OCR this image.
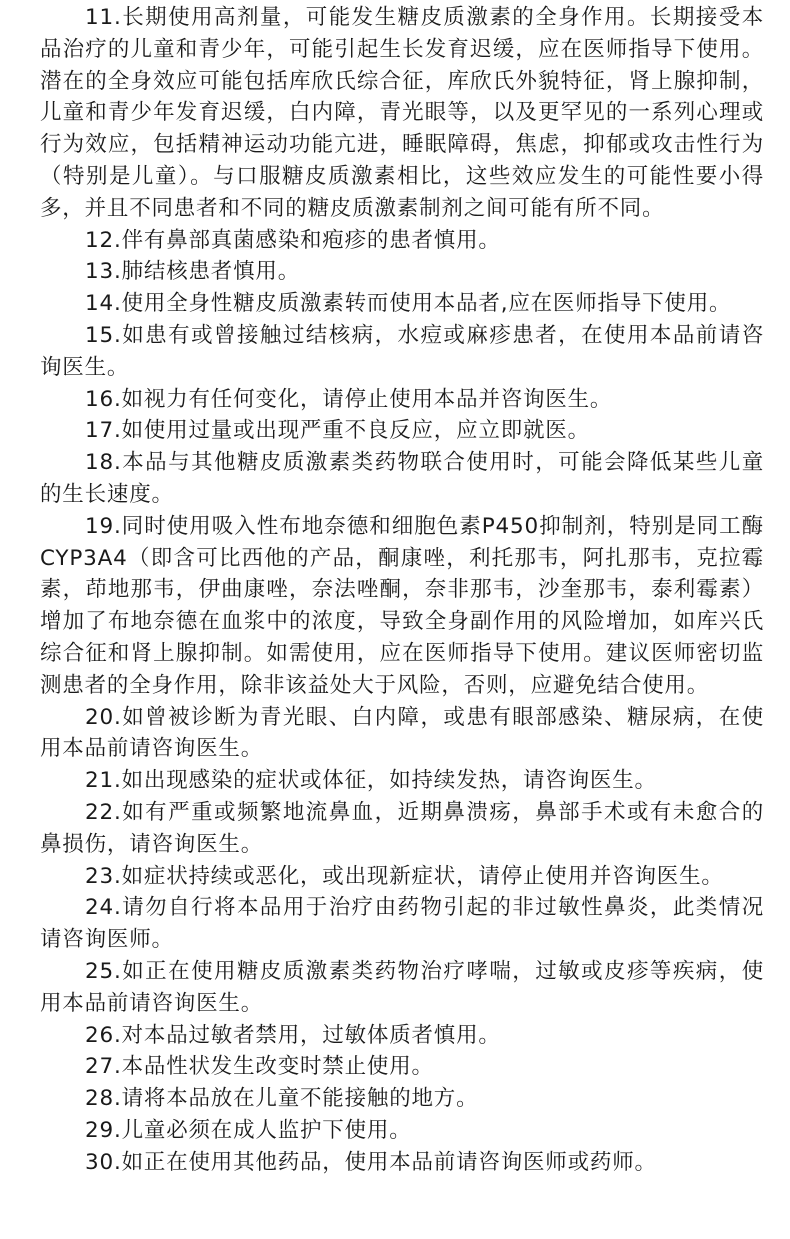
11.长期使用高剂量，可能发生糖皮质激素的全身作用。长期接受本品治疗的儿童和青少年，可能引起生长发育迟缓，应在医师指导下使用。潜在的全身效应可能包括库欣氏综合征，库欣氏外貌特征，肾上腺抑制，儿童和青少年发育迟缓，白内障，青光眼等，以及更罕见的一系列心理或行为效应，包括精神运动功能亢进，睡眠障碍，焦虑，抑郁或攻击性行为（特别是儿童）。与口服糖皮质激素相比，这些效应发生的可能性要小得多，并且不同患者和不同的糖皮质激素制剂之间可能有所不同。

12.伴有鼻部真菌感染和疱疹的患者慎用。

13.肺结核患者慎用。

14.使用全身性糖皮质激素转而使用本品者,应在医师指导下使用。

15.如患有或曾接触过结核病，水痘或麻疹患者，在使用本品前请咨询医生。

16.如视力有任何变化，请停止使用本品并咨询医生。

17.如使用过量或出现严重不良反应，应立即就医。

18.本品与其他糖皮质激素类药物联合使用时，可能会降低某些儿童的生长速度。

19.同时使用吸入性布地奈德和细胞色素P450抑制剂，特别是同工酶CYP3A4（即含可比西他的产品，酮康唑，利托那韦，阿扎那韦，克拉霉素，茚地那韦，伊曲康唑，奈法唑酮，奈非那韦，沙奎那韦，泰利霉素）增加了布地奈德在血浆中的浓度，导致全身副作用的风险增加，如库兴氏综合征和肾上腺抑制。如需使用，应在医师指导下使用。建议医师密切监测患者的全身作用，除非该益处大于风险，否则，应避免结合使用。

20.如曾被诊断为青光眼、白内障，或患有眼部感染、糖尿病，在使用本品前请咨询医生。

21.如出现感染的症状或体征，如持续发热，请咨询医生。

22.如有严重或频繁地流鼻血，近期鼻溃疡，鼻部手术或有未愈合的鼻损伤，请咨询医生。

23.如症状持续或恶化，或出现新症状，请停止使用并咨询医生。

24.请勿自行将本品用于治疗由药物引起的非过敏性鼻炎，此类情况请咨询医师。

25.如正在使用糖皮质激素类药物治疗哮喘，过敏或皮疹等疾病，使用本品前请咨询医生。

26.对本品过敏者禁用，过敏体质者慎用。

27.本品性状发生改变时禁止使用。

28.请将本品放在儿童不能接触的地方。

29.儿童必须在成人监护下使用。

30.如正在使用其他药品，使用本品前请咨询医师或药师。
